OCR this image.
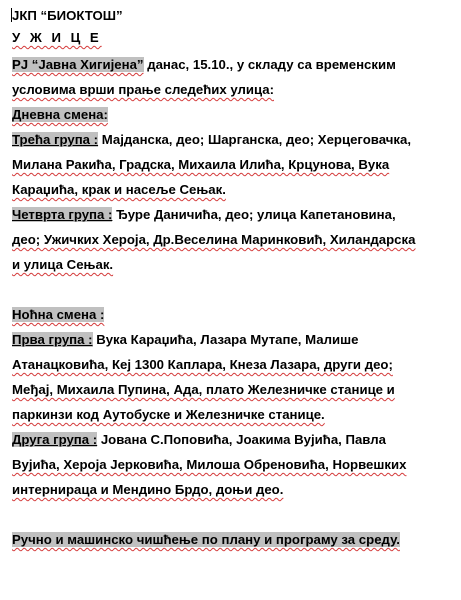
ЈКП “БИОКТОШ”
У Ж И Ц Е
РЈ “Јавна Хигијена” данас, 15.10., у складу са временским
условима врши прање следећих улица:
Дневна смена:
Трећа група : Мајданска, део; Шарганска, део; Херцеговачка,
Милана Ракића, Градска, Михаила Илића, Крцунова, Вука
Караџића, крак и насеље Сењак.
Четврта група : Ђуре Даничића, део; улица Капетановина,
део; Ужичких Хероја, Др.Веселина Маринковић, Хиландарска
и улица Сењак.
Ноћна смена :
Прва група : Вука Караџића, Лазара Мутапе, Малише
Атанацковића, Кеј 1300 Каплара, Кнеза Лазара, други део;
Међај, Михаила Пупина, Ада, плато Железничке станице и
паркинзи код Аутобуске и Железничке станице.
Друга група : Јована С.Поповића, Јоакима Вујића, Павла
Вујића, Хероја Јерковића, Милоша Обреновића, Норвешких
интернираца и Мендино Брдо, доњи део.
Ручно и машинско чишћење по плану и програму за среду.
